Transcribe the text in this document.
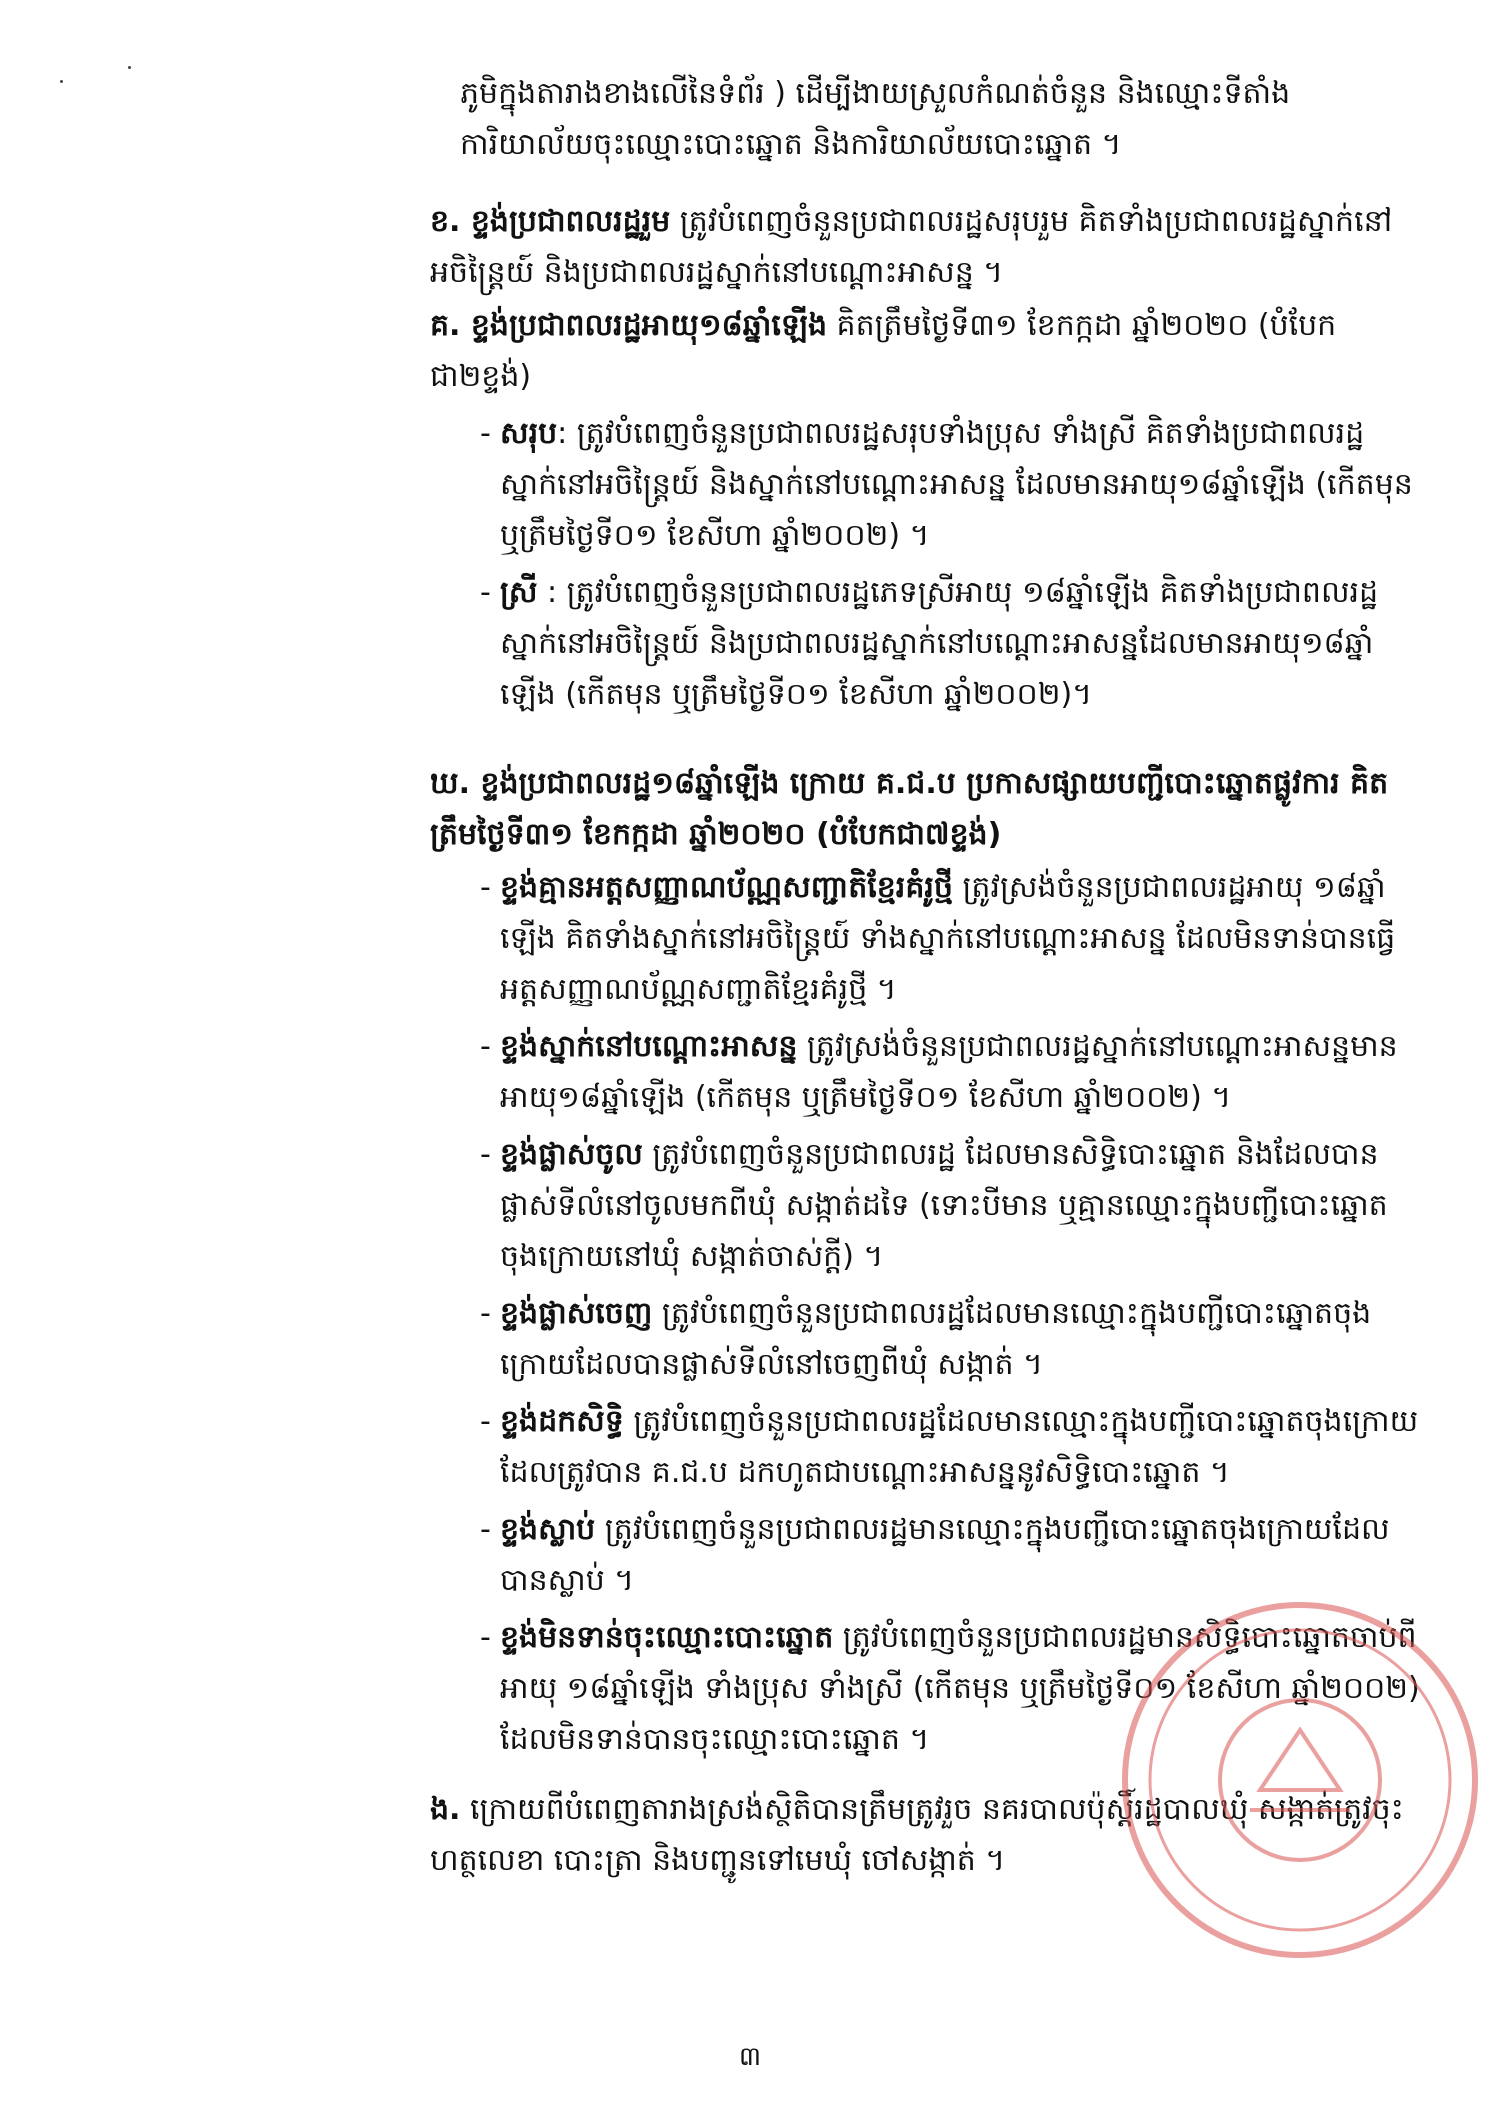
ភូមិក្នុងតារាងខាងលើនៃទំព័រ ) ដើម្បីងាយស្រួលកំណត់ចំនួន និងឈ្មោះទីតាំងការិយាល័យចុះឈ្មោះបោះឆ្នោត និងការិយាល័យបោះឆ្នោត ។

ខ. ខ្ទង់ប្រជាពលរដ្ឋរួម ត្រូវបំពេញចំនួនប្រជាពលរដ្ឋសរុបរួម គិតទាំងប្រជាពលរដ្ឋស្នាក់នៅអចិន្ត្រៃយ៍ និងប្រជាពលរដ្ឋស្នាក់នៅបណ្ដោះអាសន្ន ។

គ. ខ្ទង់ប្រជាពលរដ្ឋអាយុ១៨ឆ្នាំឡើង គិតត្រឹមថ្ងៃទី៣១ ខែកក្កដា ឆ្នាំ២០២០ (បំបែកជា២ខ្ទង់)

- សរុប: ត្រូវបំពេញចំនួនប្រជាពលរដ្ឋសរុបទាំងប្រុស ទាំងស្រី គិតទាំងប្រជាពលរដ្ឋស្នាក់នៅអចិន្ត្រៃយ៍ និងស្នាក់នៅបណ្ដោះអាសន្ន ដែលមានអាយុ១៨ឆ្នាំឡើង (កើតមុន ឬត្រឹមថ្ងៃទី០១ ខែសីហា ឆ្នាំ២០០២) ។
- ស្រី : ត្រូវបំពេញចំនួនប្រជាពលរដ្ឋភេទស្រីអាយុ ១៨ឆ្នាំឡើង គិតទាំងប្រជាពលរដ្ឋស្នាក់នៅអចិន្ត្រៃយ៍ និងប្រជាពលរដ្ឋស្នាក់នៅបណ្ដោះអាសន្នដែលមានអាយុ១៨ឆ្នាំឡើង (កើតមុន ឬត្រឹមថ្ងៃទី០១ ខែសីហា ឆ្នាំ២០០២)។

ឃ. ខ្ទង់ប្រជាពលរដ្ឋ១៨ឆ្នាំឡើង ក្រោយ គ.ជ.ប ប្រកាសផ្សាយបញ្ជីបោះឆ្នោតផ្លូវការ គិតត្រឹមថ្ងៃទី៣១ ខែកក្កដា ឆ្នាំ២០២០ (បំបែកជា៧ខ្ទង់)

- ខ្ទង់គ្មានអត្តសញ្ញាណប័ណ្ណសញ្ជាតិខ្មែរគំរូថ្មី ត្រូវស្រង់ចំនួនប្រជាពលរដ្ឋអាយុ ១៨ឆ្នាំឡើង គិតទាំងស្នាក់នៅអចិន្ត្រៃយ៍ ទាំងស្នាក់នៅបណ្ដោះអាសន្ន ដែលមិនទាន់បានធ្វើអត្តសញ្ញាណប័ណ្ណសញ្ជាតិខ្មែរគំរូថ្មី ។
- ខ្ទង់ស្នាក់នៅបណ្ដោះអាសន្ន ត្រូវស្រង់ចំនួនប្រជាពលរដ្ឋស្នាក់នៅបណ្ដោះអាសន្នមានអាយុ១៨ឆ្នាំឡើង (កើតមុន ឬត្រឹមថ្ងៃទី០១ ខែសីហា ឆ្នាំ២០០២) ។
- ខ្ទង់ផ្លាស់ចូល ត្រូវបំពេញចំនួនប្រជាពលរដ្ឋ ដែលមានសិទ្ធិបោះឆ្នោត និងដែលបានផ្លាស់ទីលំនៅចូលមកពីឃុំ សង្កាត់ដទៃ (ទោះបីមាន ឬគ្មានឈ្មោះក្នុងបញ្ជីបោះឆ្នោតចុងក្រោយនៅឃុំ សង្កាត់ចាស់ក្ដី) ។
- ខ្ទង់ផ្លាស់ចេញ ត្រូវបំពេញចំនួនប្រជាពលរដ្ឋដែលមានឈ្មោះក្នុងបញ្ជីបោះឆ្នោតចុងក្រោយដែលបានផ្លាស់ទីលំនៅចេញពីឃុំ សង្កាត់ ។
- ខ្ទង់ដកសិទ្ធិ ត្រូវបំពេញចំនួនប្រជាពលរដ្ឋដែលមានឈ្មោះក្នុងបញ្ជីបោះឆ្នោតចុងក្រោយដែលត្រូវបាន គ.ជ.ប ដកហូតជាបណ្ដោះអាសន្ននូវសិទ្ធិបោះឆ្នោត ។
- ខ្ទង់ស្លាប់ ត្រូវបំពេញចំនួនប្រជាពលរដ្ឋមានឈ្មោះក្នុងបញ្ជីបោះឆ្នោតចុងក្រោយដែលបានស្លាប់ ។
- ខ្ទង់មិនទាន់ចុះឈ្មោះបោះឆ្នោត ត្រូវបំពេញចំនួនប្រជាពលរដ្ឋមានសិទ្ធិបោះឆ្នោតចាប់ពីអាយុ ១៨ឆ្នាំឡើង ទាំងប្រុស ទាំងស្រី (កើតមុន ឬត្រឹមថ្ងៃទី០១ ខែសីហា ឆ្នាំ២០០២) ដែលមិនទាន់បានចុះឈ្មោះបោះឆ្នោត ។

ង. ក្រោយពីបំពេញតារាងស្រង់ស្ថិតិបានត្រឹមត្រូវរួច នគរបាលប៉ុស្តិ៍រដ្ឋបាលឃុំ សង្កាត់ត្រូវចុះហត្ថលេខា បោះត្រា និងបញ្ជូនទៅមេឃុំ ចៅសង្កាត់ ។

៣
